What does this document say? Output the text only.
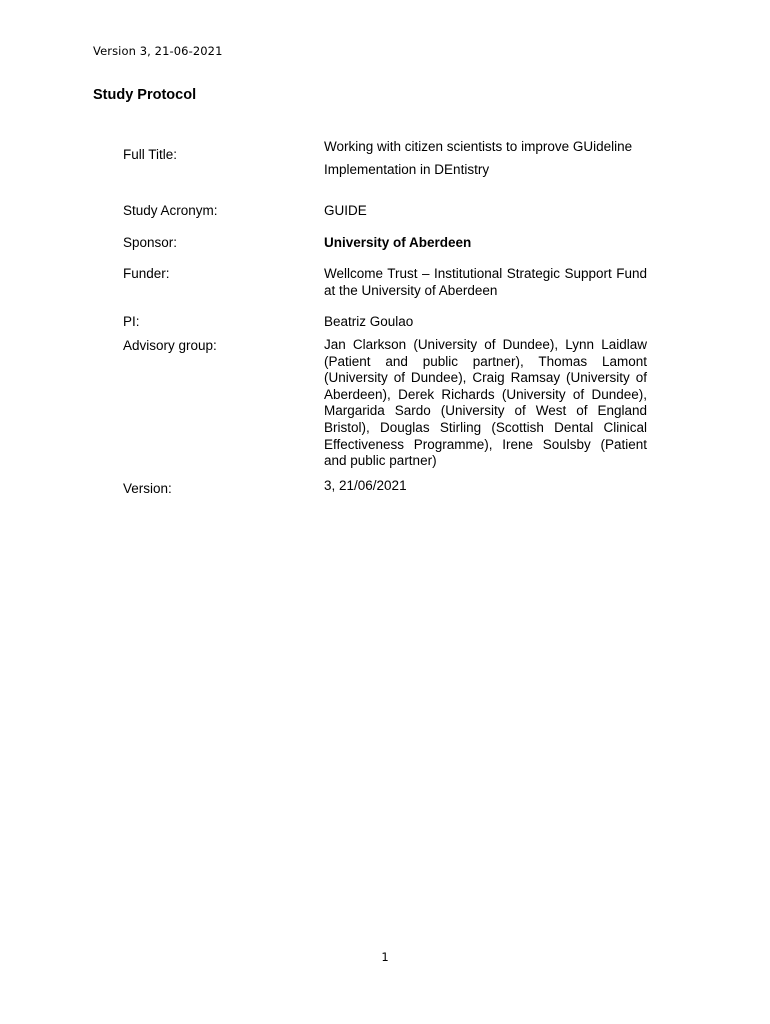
Version 3, 21-06-2021
Study Protocol
Full Title:
Working with citizen scientists to improve GUideline Implementation in DEntistry
Study Acronym:	GUIDE
Sponsor:	University of Aberdeen
Funder:	Wellcome Trust – Institutional Strategic Support Fund at the University of Aberdeen
PI:	Beatriz Goulao
Advisory group:	Jan Clarkson (University of Dundee), Lynn Laidlaw (Patient and public partner), Thomas Lamont (University of Dundee), Craig Ramsay (University of Aberdeen), Derek Richards (University of Dundee), Margarida Sardo (University of West of England Bristol), Douglas Stirling (Scottish Dental Clinical Effectiveness Programme), Irene Soulsby (Patient and public partner)
Version:	3, 21/06/2021
1
